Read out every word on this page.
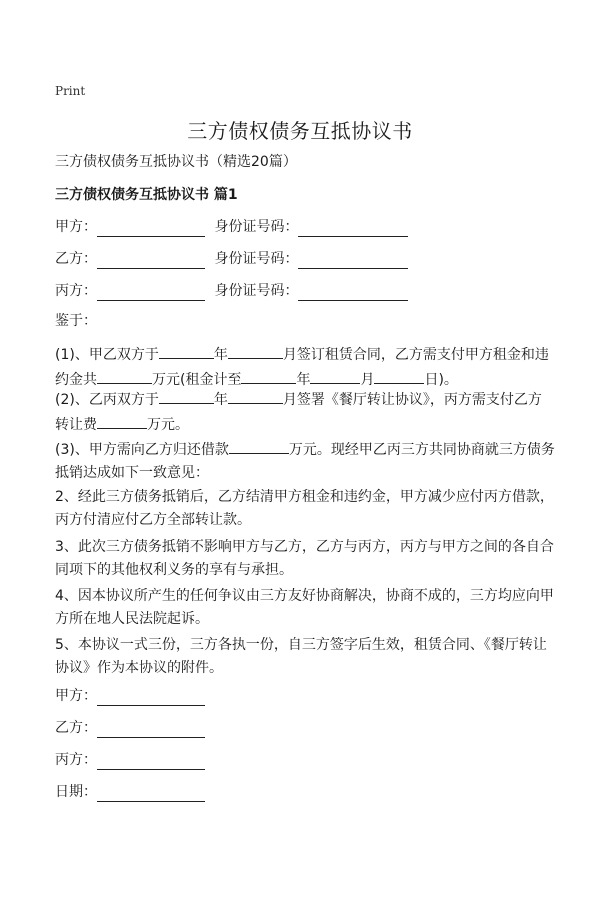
Print
三方债权债务互抵协议书
三方债权债务互抵协议书（精选20篇）
三方债权债务互抵协议书 篇1
甲方：	身份证号码：
乙方：	身份证号码：
丙方：	身份证号码：
鉴于：
(1)、甲乙双方于	年	月签订租赁合同，乙方需支付甲方租金和违
约金共	万元(租金计至	年	月	日)。
(2)、乙丙双方于	年	月签署《餐厅转让协议》，丙方需支付乙方
转让费	万元。
(3)、甲方需向乙方归还借款	万元。现经甲乙丙三方共同协商就三方债务
抵销达成如下一致意见：
2、经此三方债务抵销后，乙方结清甲方租金和违约金，甲方减少应付丙方借款，
丙方付清应付乙方全部转让款。
3、此次三方债务抵销不影响甲方与乙方，乙方与丙方，丙方与甲方之间的各自合
同项下的其他权利义务的享有与承担。
4、因本协议所产生的任何争议由三方友好协商解决，协商不成的，三方均应向甲
方所在地人民法院起诉。
5、本协议一式三份，三方各执一份，自三方签字后生效，租赁合同、《餐厅转让
协议》作为本协议的附件。
甲方：
乙方：
丙方：
日期：
